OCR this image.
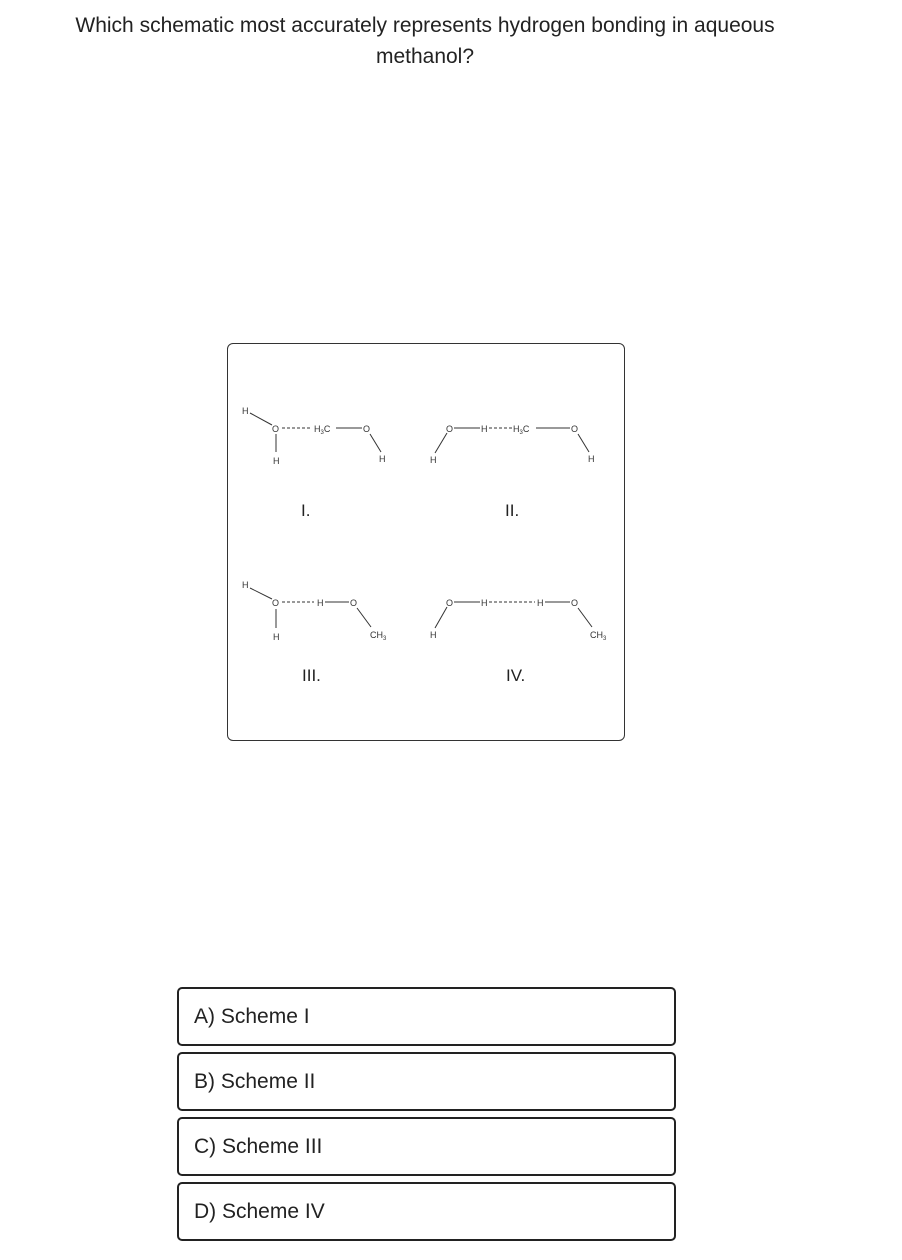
Which schematic most accurately represents hydrogen bonding in aqueous
methanol?
H
O
H
$H_3C$	O
H
I.
H
O	H	$H_3C$	O
H
II.
H
O
H
H	O
$CH_3$
III.
H
O	H	H	O
$CH_3$
IV.
A) Scheme I
B) Scheme II
C) Scheme III
D) Scheme IV
